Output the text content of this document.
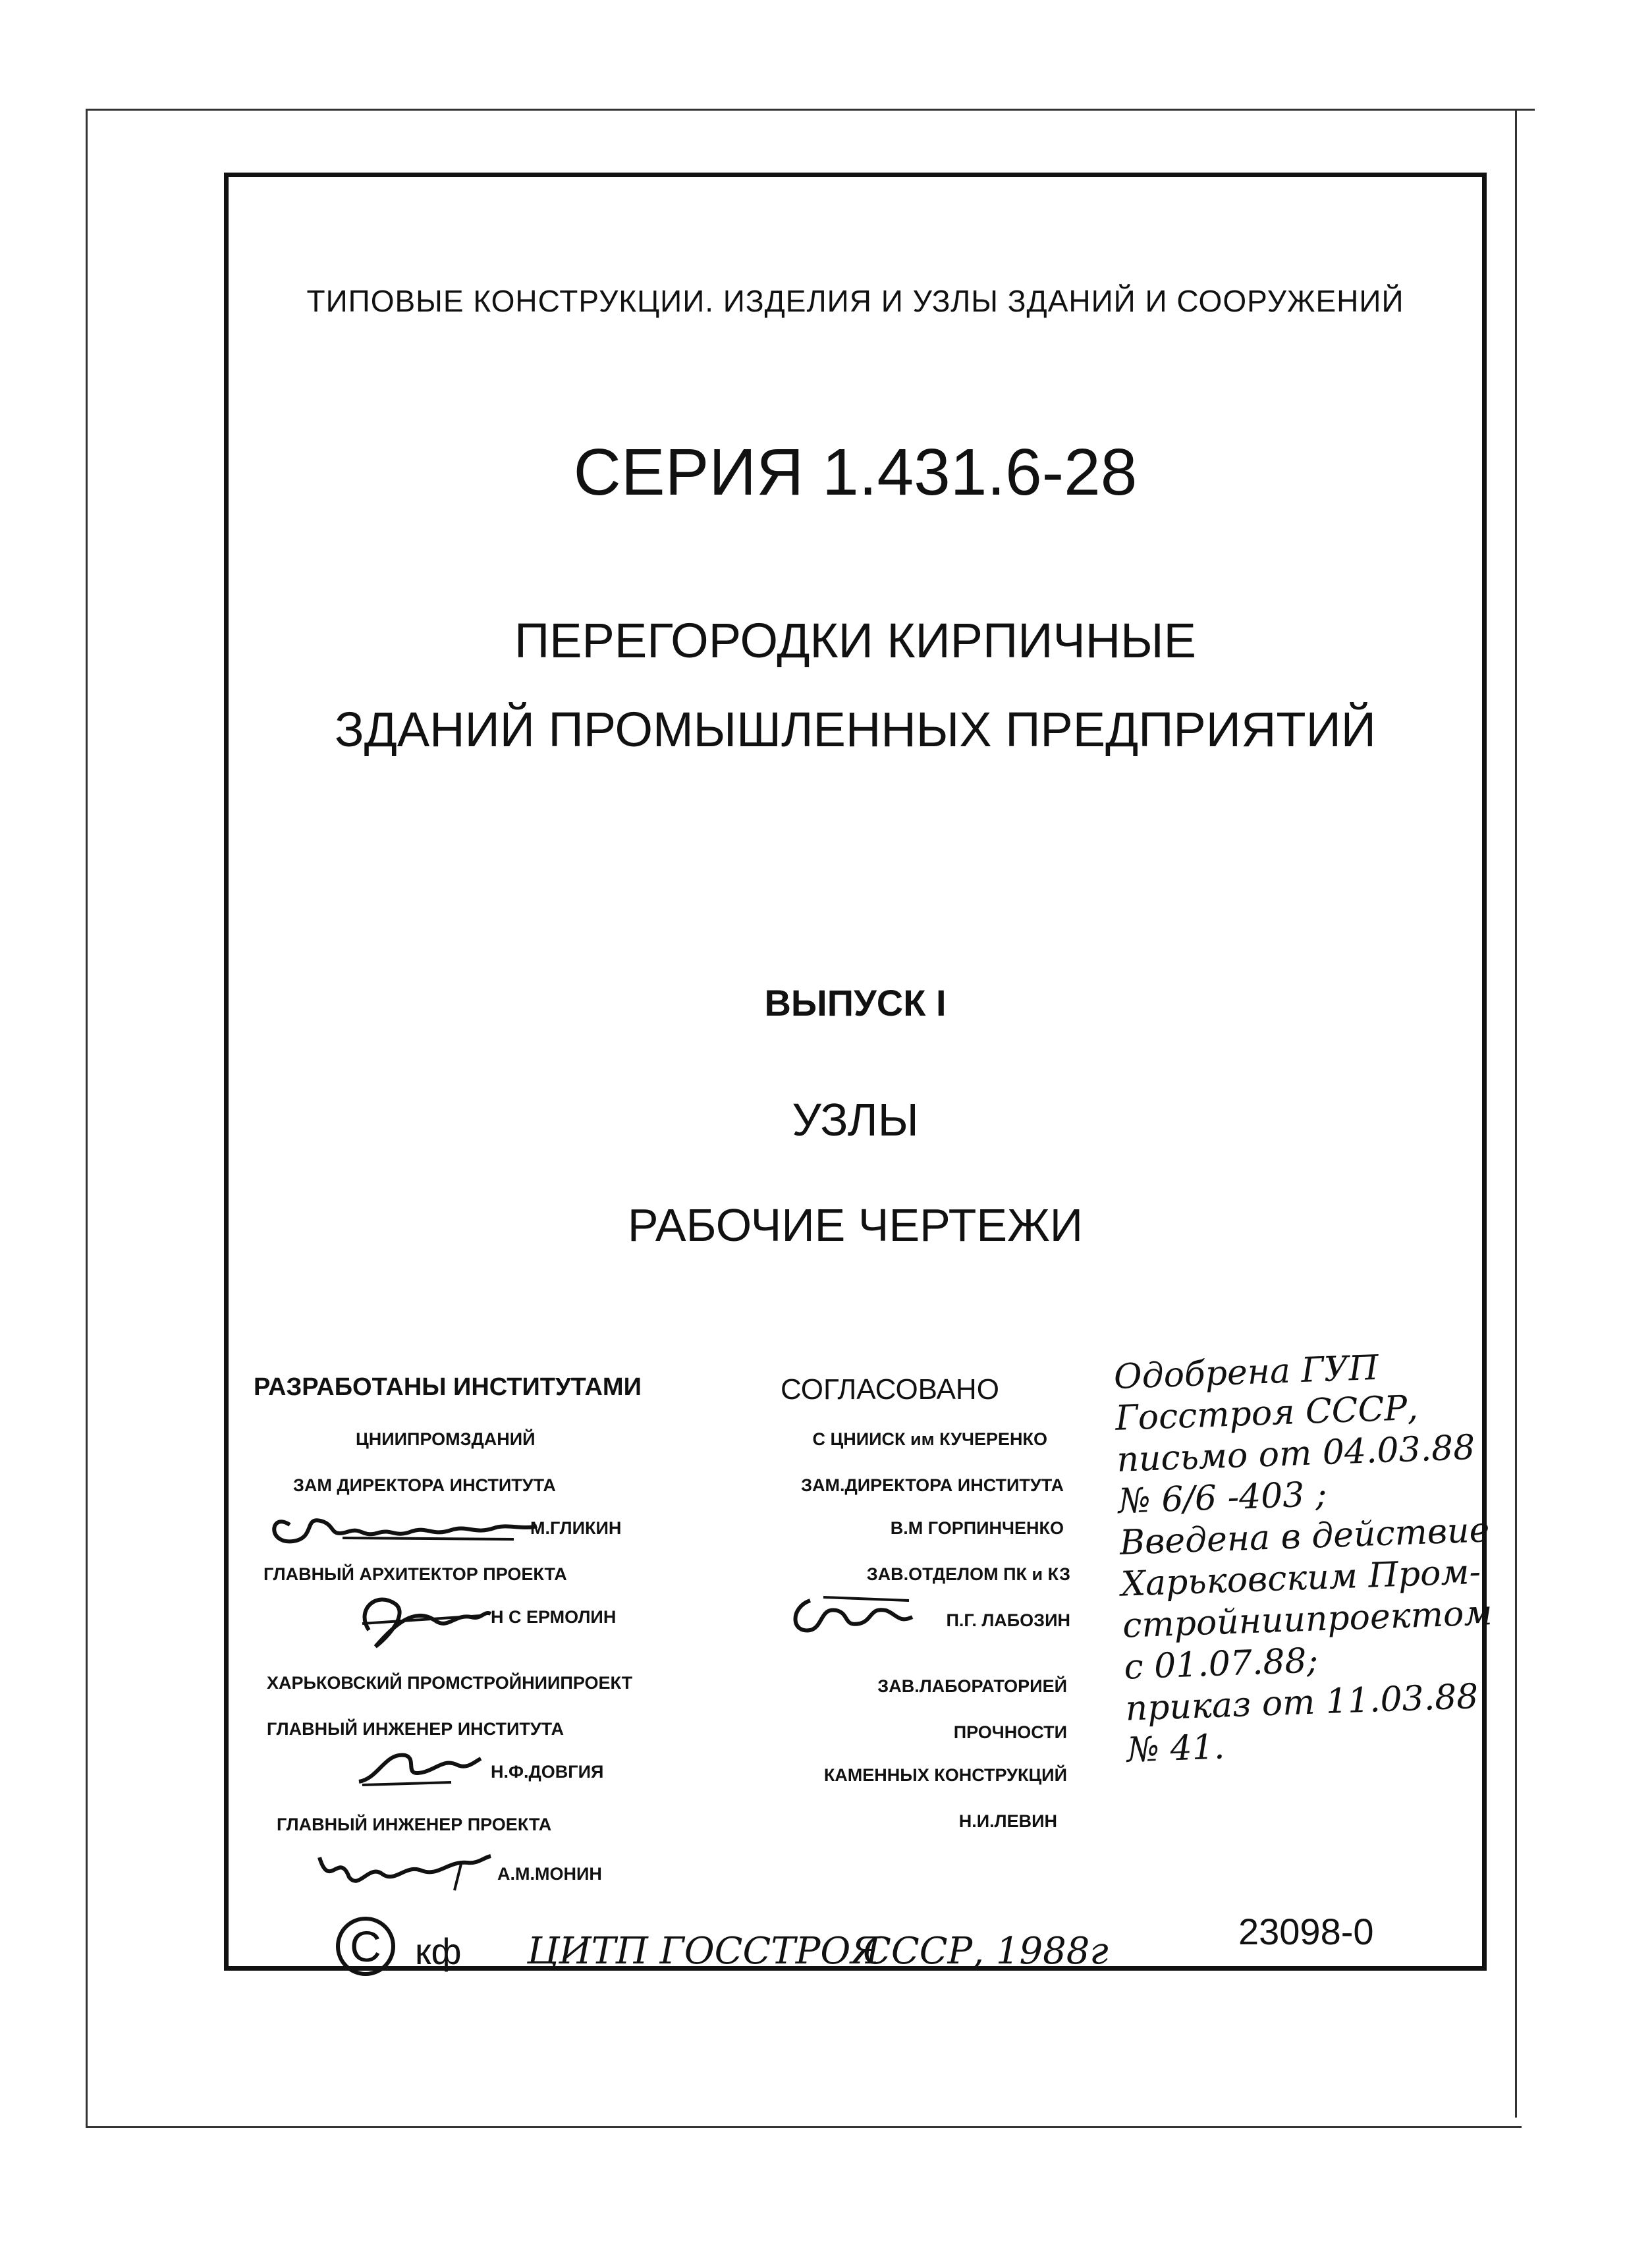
ТИПОВЫЕ КОНСТРУКЦИИ. ИЗДЕЛИЯ И УЗЛЫ ЗДАНИЙ И СООРУЖЕНИЙ
СЕРИЯ 1.431.6-28
ПЕРЕГОРОДКИ КИРПИЧНЫЕ
ЗДАНИЙ ПРОМЫШЛЕННЫХ ПРЕДПРИЯТИЙ
ВЫПУСК I
УЗЛЫ
РАБОЧИЕ ЧЕРТЕЖИ
РАЗРАБОТАНЫ ИНСТИТУТАМИ
ЦНИИПРОМЗДАНИЙ
ЗАМ ДИРЕКТОРА ИНСТИТУТА
М.ГЛИКИН
ГЛАВНЫЙ АРХИТЕКТОР ПРОЕКТА
Н С ЕРМОЛИН
ХАРЬКОВСКИЙ ПРОМСТРОЙНИИПРОЕКТ
ГЛАВНЫЙ ИНЖЕНЕР ИНСТИТУТА
Н.Ф.ДОВГИЯ
ГЛАВНЫЙ ИНЖЕНЕР ПРОЕКТА
А.М.МОНИН
СОГЛАСОВАНО
С ЦНИИСК им КУЧЕРЕНКО
ЗАМ.ДИРЕКТОРА ИНСТИТУТА
В.М ГОРПИНЧЕНКО
ЗАВ.ОТДЕЛОМ ПК и КЗ
П.Г. ЛАБОЗИН
ЗАВ.ЛАБОРАТОРИЕЙ
ПРОЧНОСТИ
КАМЕННЫХ КОНСТРУКЦИЙ
Н.И.ЛЕВИН
Одобрена ГУП
Госстроя СССР,
письмо от 04.03.88
№ 6/6 -403 ;
Введена в действие
Харьковским Пром-
стройниипроектом
с 01.07.88;
приказ от 11.03.88
№ 41.
C кф ЦИТП ГОССТРОЯ
СССР, 1988г	23098-0
